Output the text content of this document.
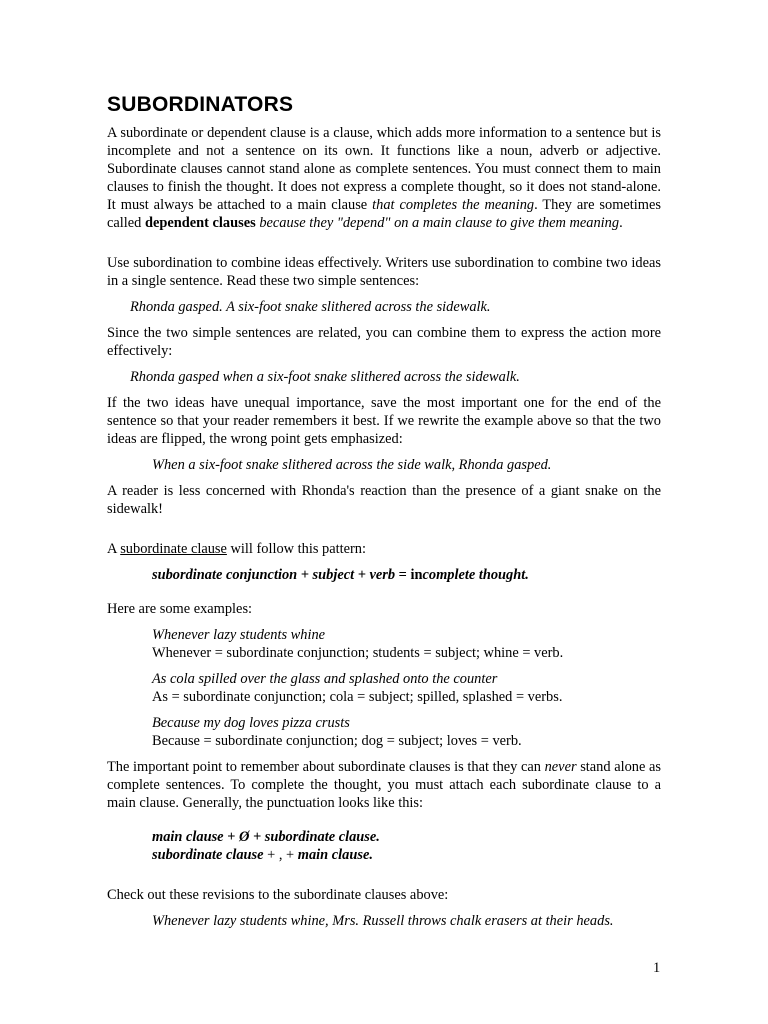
SUBORDINATORS

A subordinate or dependent clause is a clause, which adds more information to a sentence but is incomplete and not a sentence on its own. It functions like a noun, adverb or adjective. Subordinate clauses cannot stand alone as complete sentences. You must connect them to main clauses to finish the thought. It does not express a complete thought, so it does not stand-alone. It must always be attached to a main clause that completes the meaning. They are sometimes called dependent clauses because they "depend" on a main clause to give them meaning.

Use subordination to combine ideas effectively. Writers use subordination to combine two ideas in a single sentence. Read these two simple sentences:

Rhonda gasped. A six-foot snake slithered across the sidewalk.

Since the two simple sentences are related, you can combine them to express the action more effectively:

Rhonda gasped when a six-foot snake slithered across the sidewalk.

If the two ideas have unequal importance, save the most important one for the end of the sentence so that your reader remembers it best. If we rewrite the example above so that the two ideas are flipped, the wrong point gets emphasized:

When a six-foot snake slithered across the side walk, Rhonda gasped.

A reader is less concerned with Rhonda's reaction than the presence of a giant snake on the sidewalk!

A subordinate clause will follow this pattern:

subordinate conjunction + subject + verb = incomplete thought.

Here are some examples:

Whenever lazy students whine
Whenever = subordinate conjunction; students = subject; whine = verb.
As cola spilled over the glass and splashed onto the counter
As = subordinate conjunction; cola = subject; spilled, splashed = verbs.
Because my dog loves pizza crusts
Because = subordinate conjunction; dog = subject; loves = verb.

The important point to remember about subordinate clauses is that they can never stand alone as complete sentences. To complete the thought, you must attach each subordinate clause to a main clause. Generally, the punctuation looks like this:

main clause + Ø + subordinate clause.
subordinate clause + , + main clause.

Check out these revisions to the subordinate clauses above:

Whenever lazy students whine, Mrs. Russell throws chalk erasers at their heads.

1
